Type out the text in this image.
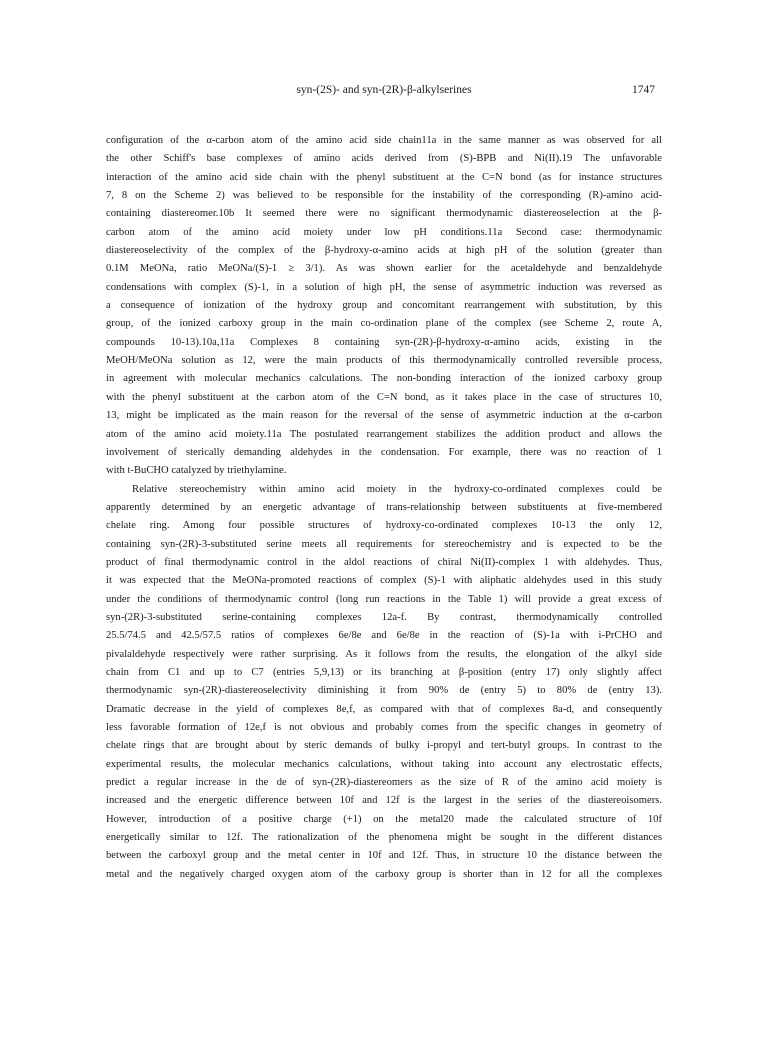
syn-(2S)- and syn-(2R)-β-alkylserines	1747
configuration of the α-carbon atom of the amino acid side chain11a in the same manner as was observed for all
the other Schiff's base complexes of amino acids derived from (S)-BPB and Ni(II).19 The unfavorable
interaction of the amino acid side chain with the phenyl substituent at the C=N bond (as for instance structures
7, 8 on the Scheme 2) was believed to be responsible for the instability of the corresponding (R)-amino acid-
containing diastereomer.10b It seemed there were no significant thermodynamic diastereoselection at the β-
carbon atom of the amino acid moiety under low pH conditions.11a Second case: thermodynamic
diastereoselectivity of the complex of the β-hydroxy-α-amino acids at high pH of the solution (greater than
0.1M MeONa, ratio MeONa/(S)-1 ≥ 3/1). As was shown earlier for the acetaldehyde and benzaldehyde
condensations with complex (S)-1, in a solution of high pH, the sense of asymmetric induction was reversed as
a consequence of ionization of the hydroxy group and concomitant rearrangement with substitution, by this
group, of the ionized carboxy group in the main co-ordination plane of the complex (see Scheme 2, route A,
compounds 10-13).10a,11a Complexes 8 containing syn-(2R)-β-hydroxy-α-amino acids, existing in the
MeOH/MeONa solution as 12, were the main products of this thermodynamically controlled reversible process,
in agreement with molecular mechanics calculations. The non-bonding interaction of the ionized carboxy group
with the phenyl substituent at the carbon atom of the C=N bond, as it takes place in the case of structures 10,
13, might be implicated as the main reason for the reversal of the sense of asymmetric induction at the α-carbon
atom of the amino acid moiety.11a The postulated rearrangement stabilizes the addition product and allows the
involvement of sterically demanding aldehydes in the condensation. For example, there was no reaction of 1
with t-BuCHO catalyzed by triethylamine.
Relative stereochemistry within amino acid moiety in the hydroxy-co-ordinated complexes could be
apparently determined by an energetic advantage of trans-relationship between substituents at five-membered
chelate ring. Among four possible structures of hydroxy-co-ordinated complexes 10-13 the only 12,
containing syn-(2R)-3-substituted serine meets all requirements for stereochemistry and is expected to be the
product of final thermodynamic control in the aldol reactions of chiral Ni(II)-complex 1 with aldehydes. Thus,
it was expected that the MeONa-promoted reactions of complex (S)-1 with aliphatic aldehydes used in this study
under the conditions of thermodynamic control (long run reactions in the Table 1) will provide a great excess of
syn-(2R)-3-substituted serine-containing complexes 12a-f. By contrast, thermodynamically controlled
25.5/74.5 and 42.5/57.5 ratios of complexes 6e/8e and 6e/8e in the reaction of (S)-1a with i-PrCHO and
pivalaldehyde respectively were rather surprising. As it follows from the results, the elongation of the alkyl side
chain from C1 and up to C7 (entries 5,9,13) or its branching at β-position (entry 17) only slightly affect
thermodynamic syn-(2R)-diastereoselectivity diminishing it from 90% de (entry 5) to 80% de (entry 13).
Dramatic decrease in the yield of complexes 8e,f, as compared with that of complexes 8a-d, and consequently
less favorable formation of 12e,f is not obvious and probably comes from the specific changes in geometry of
chelate rings that are brought about by steric demands of bulky i-propyl and tert-butyl groups. In contrast to the
experimental results, the molecular mechanics calculations, without taking into account any electrostatic effects,
predict a regular increase in the de of syn-(2R)-diastereomers as the size of R of the amino acid moiety is
increased and the energetic difference between 10f and 12f is the largest in the series of the diastereoisomers.
However, introduction of a positive charge (+1) on the metal20 made the calculated structure of 10f
energetically similar to 12f. The rationalization of the phenomena might be sought in the different distances
between the carboxyl group and the metal center in 10f and 12f. Thus, in structure 10 the distance between the
metal and the negatively charged oxygen atom of the carboxy group is shorter than in 12 for all the complexes
